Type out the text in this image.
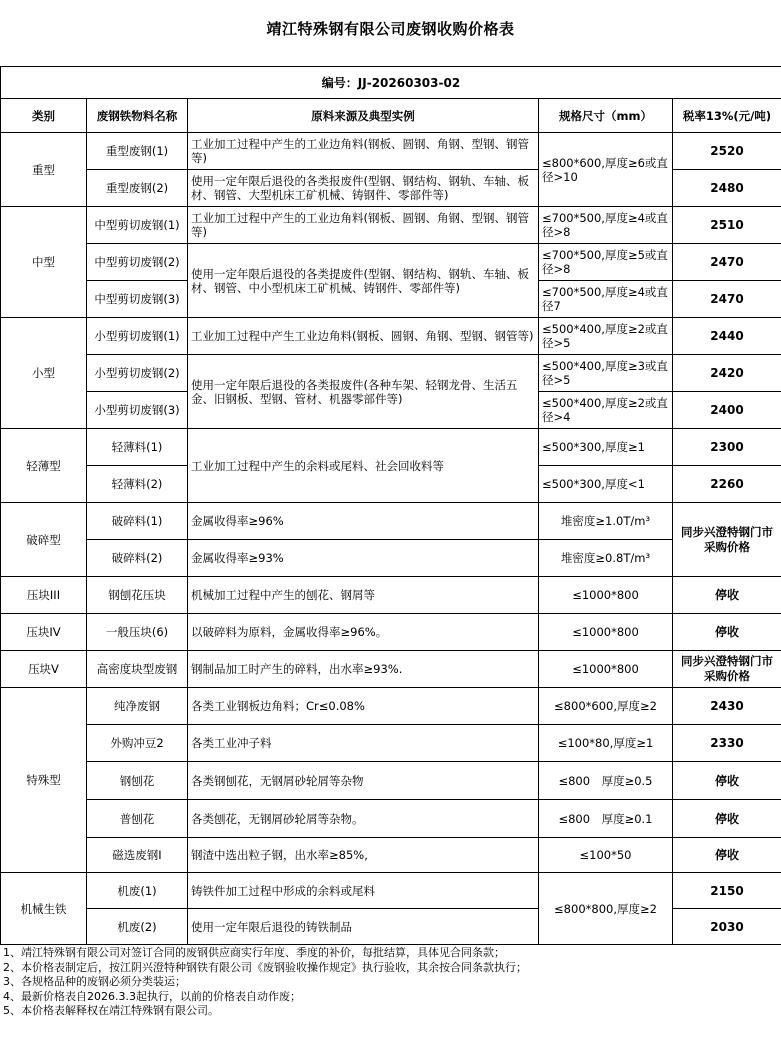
靖江特殊钢有限公司废钢收购价格表
编号：JJ-20260303-02				
类别	废钢铁物料名称	原料来源及典型实例	规格尺寸（mm）	税率13%(元/吨)
重型	重型废钢(1)	工业加工过程中产生的工业边角料(钢板、圆钢、角钢、型钢、钢管等)	≤800*600,厚度≥6或直径>10	2520
	重型废钢(2)	使用一定年限后退役的各类报废件(型钢、钢结构、钢轨、车轴、板材、钢管、大型机床工矿机械、铸钢件、零部件等)		2480
中型	中型剪切废钢(1)	工业加工过程中产生的工业边角料(钢板、圆钢、角钢、型钢、钢管等)	≤700*500,厚度≥4或直径>8	2510
	中型剪切废钢(2)	使用一定年限后退役的各类提废件(型钢、钢结构、钢轨、车轴、板材、钢管、中小型机床工矿机械、铸钢件、零部件等)	≤700*500,厚度≥5或直径>8	2470
	中型剪切废钢(3)		≤700*500,厚度≥4或直径7	2470
小型	小型剪切废钢(1)	工业加工过程中产生工业边角料(钢板、圆钢、角钢、型钢、钢管等)	≤500*400,厚度≥2或直径>5	2440
	小型剪切废钢(2)	使用一定年限后退役的各类报废件(各种车架、轻钢龙骨、生活五金、旧钢板、型钢、管材、机器零部件等)	≤500*400,厚度≥3或直径>5	2420
	小型剪切废钢(3)		≤500*400,厚度≥2或直径>4	2400
轻薄型	轻薄料(1)	工业加工过程中产生的余料或尾料、社会回收料等	≤500*300,厚度≥1	2300
	轻薄料(2)		≤500*300,厚度<1	2260
破碎型	破碎料(1)	金属收得率≥96%	堆密度≥1.0T/m³	同步兴澄特钢门市采购价格
	破碎料(2)	金属收得率≥93%	堆密度≥0.8T/m³	
压块III	钢刨花压块	机械加工过程中产生的刨花、钢屑等	≤1000*800	停收
压块IV	一般压块(6)	以破碎料为原料，金属收得率≥96%。	≤1000*800	停收
压块V	高密度块型废钢	钢制品加工时产生的碎料，出水率≥93%.	≤1000*800	同步兴澄特钢门市采购价格
特殊型	纯净废钢	各类工业钢板边角料；Cr≤0.08%	≤800*600,厚度≥2	2430
	外购冲豆2	各类工业冲子料	≤100*80,厚度≥1	2330
	钢刨花	各类钢刨花，无钢屑砂轮屑等杂物	≤800　厚度≥0.5	停收
	普刨花	各类刨花，无钢屑砂轮屑等杂物。	≤800　厚度≥0.1	停收
	磁选废钢I	钢渣中选出粒子钢，出水率≥85%,	≤100*50	停收
机械生铁	机废(1)	铸铁件加工过程中形成的余料或尾料	≤800*800,厚度≥2	2150
	机废(2)	使用一定年限后退役的铸铁制品		2030
1、靖江特殊钢有限公司对签订合同的废钢供应商实行年度、季度的补价，每批结算，具体见合同条款；
2、本价格表制定后，按江阴兴澄特种钢铁有限公司《废钢验收操作规定》执行验收，其余按合同条款执行；
3、各规格品种的废钢必须分类装运；
4、最新价格表自2026.3.3起执行，以前的价格表自动作废；
5、本价格表解释权在靖江特殊钢有限公司。
